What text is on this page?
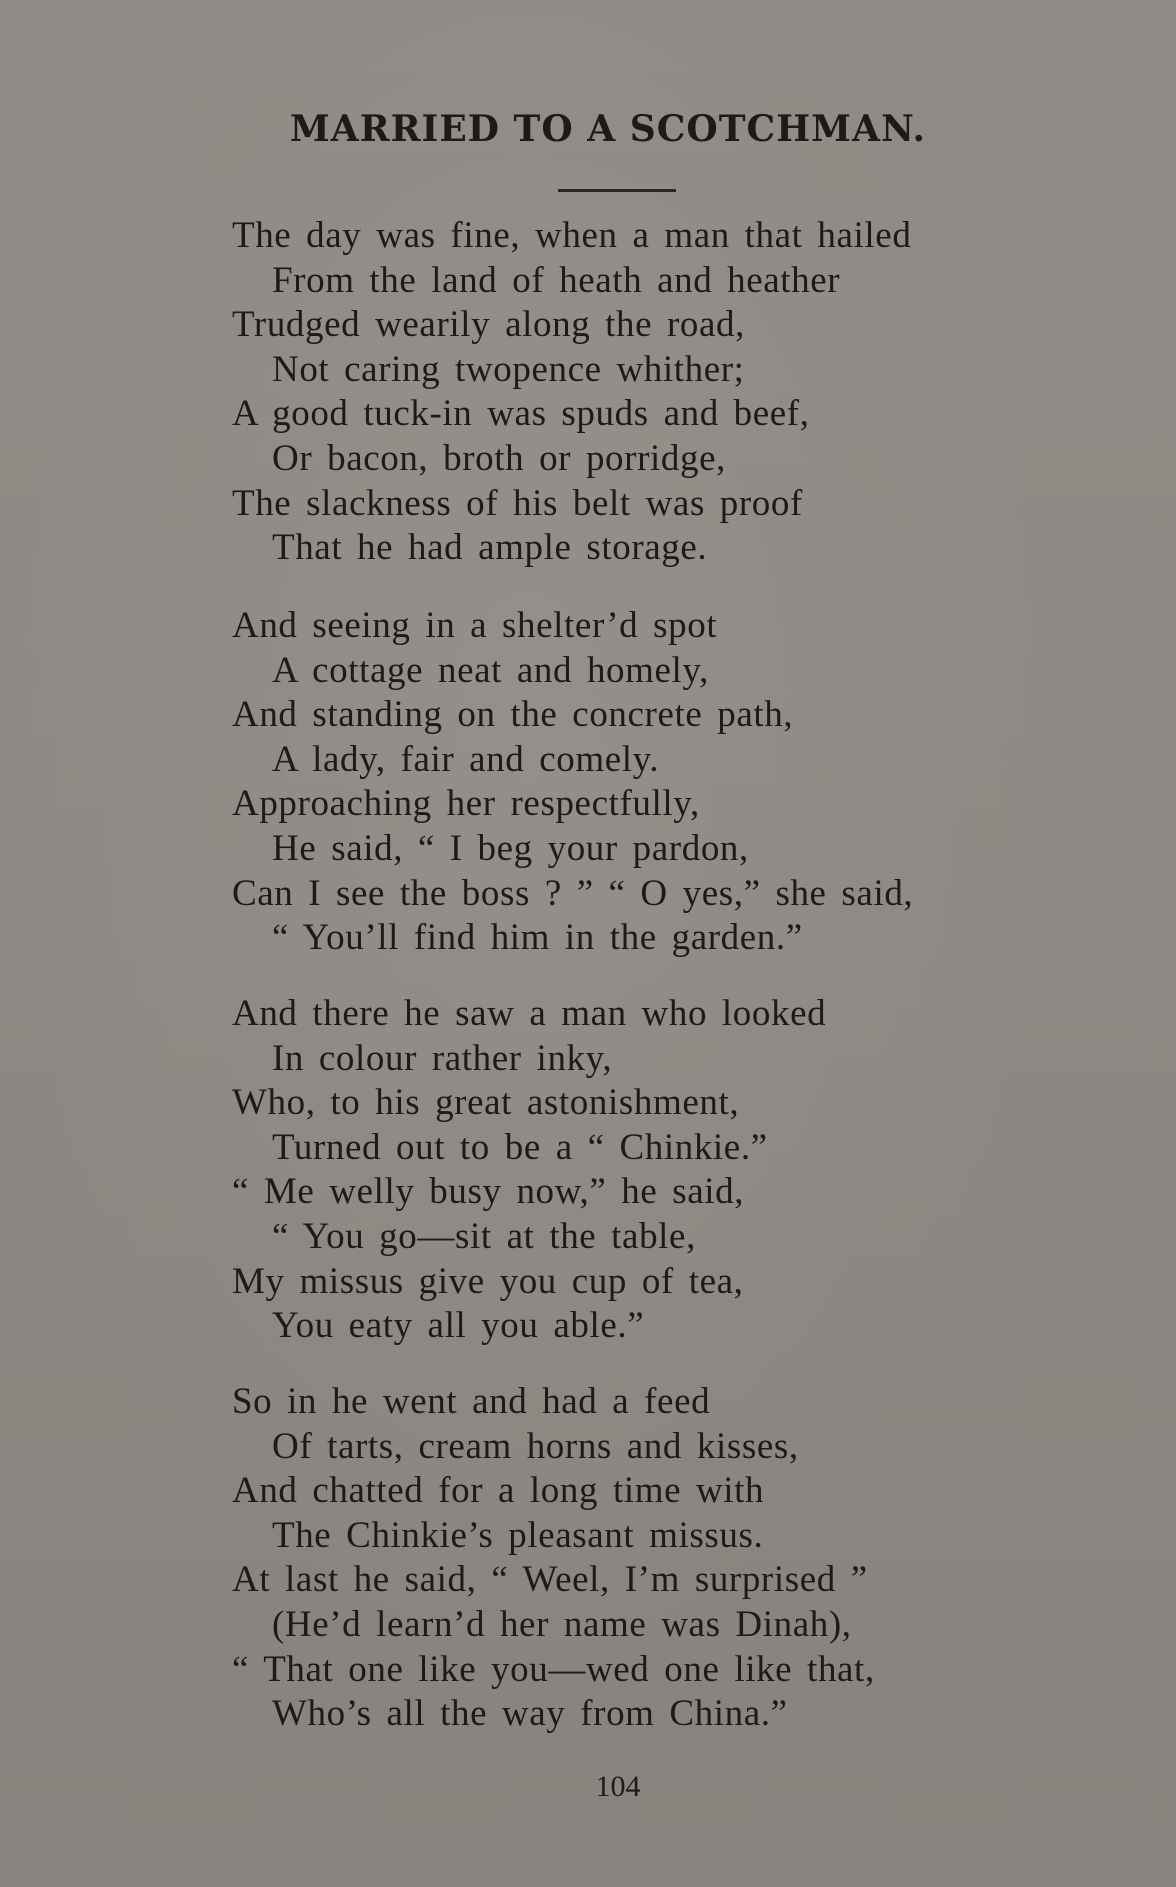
MARRIED TO A SCOTCHMAN.
The day was fine, when a man that hailed
From the land of heath and heather
Trudged wearily along the road,
Not caring twopence whither;
A good tuck-in was spuds and beef,
Or bacon, broth or porridge,
The slackness of his belt was proof
That he had ample storage.
And seeing in a shelter’d spot
A cottage neat and homely,
And standing on the concrete path,
A lady, fair and comely.
Approaching her respectfully,
He said, “ I beg your pardon,
Can I see the boss ? ” “ O yes,” she said,
“ You’ll find him in the garden.”
And there he saw a man who looked
In colour rather inky,
Who, to his great astonishment,
Turned out to be a “ Chinkie.”
“ Me welly busy now,” he said,
“ You go—sit at the table,
My missus give you cup of tea,
You eaty all you able.”
So in he went and had a feed
Of tarts, cream horns and kisses,
And chatted for a long time with
The Chinkie’s pleasant missus.
At last he said, “ Weel, I’m surprised ”
(He’d learn’d her name was Dinah),
“ That one like you—wed one like that,
Who’s all the way from China.”
104
